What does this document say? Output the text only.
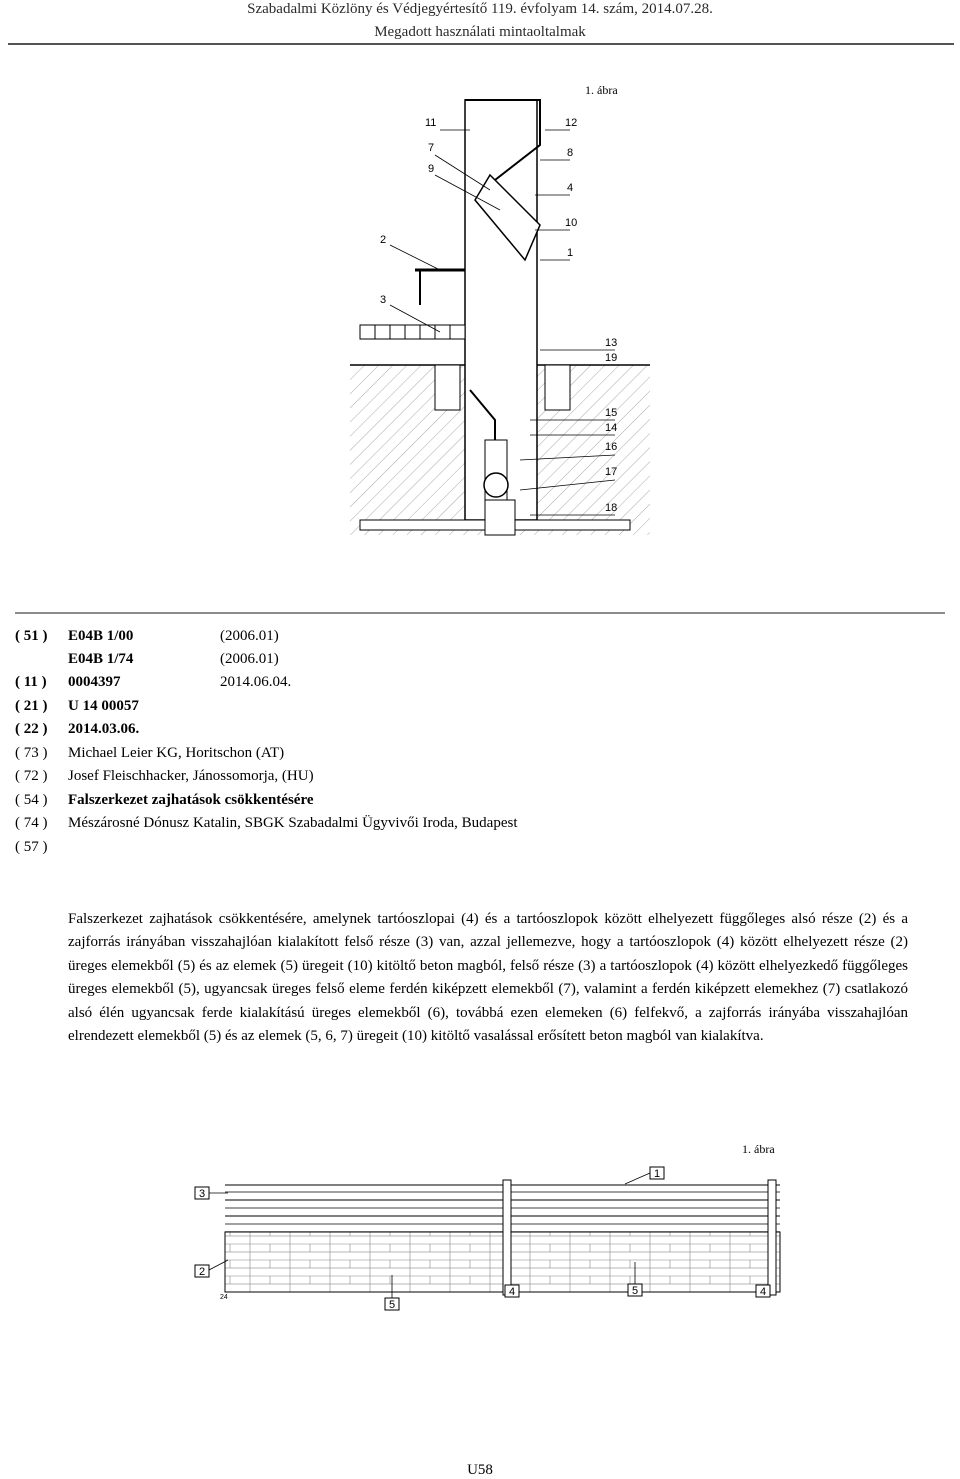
Szabadalmi Közlöny és Védjegyértesítő 119. évfolyam 14. szám, 2014.07.28.
Megadott használati mintaoltalmak
11	12
7	8
9
4
10
1
2
3
13
19
15
14
16
17
18
1. ábra
( 51 ) E04B 1/00	(2006.01)
E04B 1/74	(2006.01)
( 11 ) 0004397	2014.06.04.
( 21 ) U 14 00057
( 22 ) 2014.03.06.
( 73 ) Michael Leier KG, Horitschon (AT)
( 72 ) Josef Fleischhacker, Jánossomorja, (HU)
( 54 ) Falszerkezet zajhatások csökkentésére
( 74 ) Mészárosné Dónusz Katalin, SBGK Szabadalmi Ügyvivői Iroda, Budapest
( 57 )
Falszerkezet zajhatások csökkentésére, amelynek tartóoszlopai (4) és a tartóoszlopok között elhelyezett függőleges alsó része (2) és a zajforrás irányában visszahajlóan kialakított felső része (3) van, azzal jellemezve, hogy a tartóoszlopok (4) között elhelyezett része (2) üreges elemekből (5) és az elemek (5) üregeit (10) kitöltő beton magból, felső része (3) a tartóoszlopok (4) között elhelyezkedő függőleges üreges elemekből (5), ugyancsak üreges felső eleme ferdén kiképzett elemekből (7), valamint a ferdén kiképzett elemekhez (7) csatlakozó alsó élén ugyancsak ferde kialakítású üreges elemekből (6), továbbá ezen elemeken (6) felfekvő, a zajforrás irányába visszahajlóan elrendezett elemekből (5) és az elemek (5, 6, 7) üregeit (10) kitöltő vasalással erősített beton magból van kialakítva.
1. ábra
1
3
2
5
4	5	4
24
U58
